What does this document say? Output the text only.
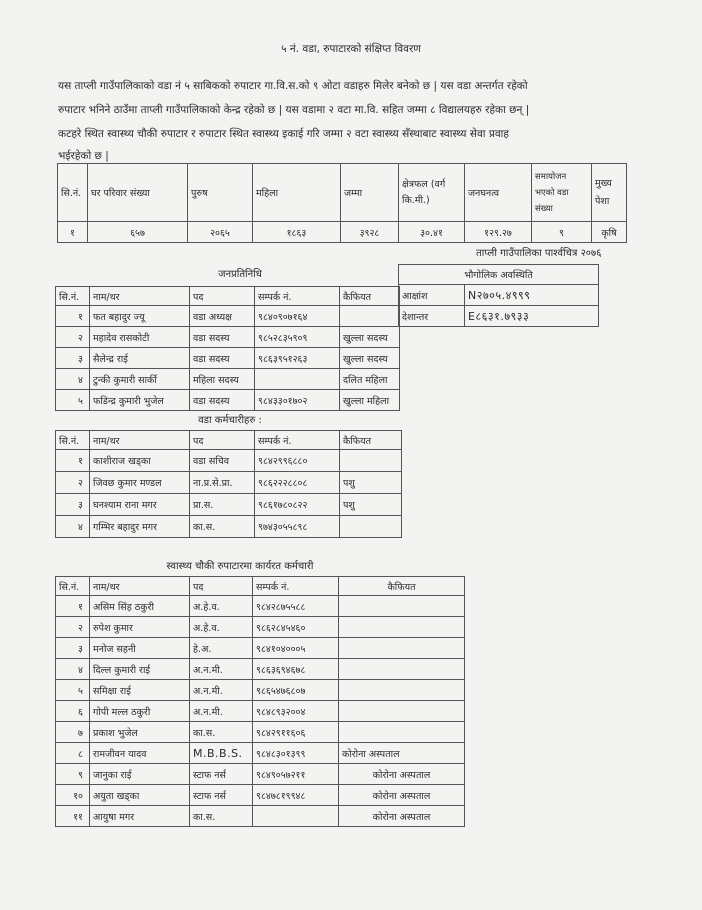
५ नं. वडा, रुपाटारको संक्षिप्त विवरण
यस ताप्ली गाउँपालिकाको वडा नं ५ साबिकको रुपाटार गा.वि.स.को ९ ओटा वडाहरु मिलेर बनेको छ | यस वडा अन्तर्गत रहेको
रुपाटार भनिने ठाउँमा ताप्ली गाउँपालिकाको केन्द्र रहेको छ | यस वडामा २ वटा मा.वि. सहित जम्मा ८ विद्यालयहरु रहेका छन् |
कटहरे स्थित स्वास्थ्य चौकी रुपाटार र रुपाटार स्थित स्वास्थ्य इकाई गरि जम्मा २ वटा स्वास्थ्य सँस्थाबाट स्वास्थ्य सेवा प्रवाह
भईरहेको छ |
सि.नं.	घर परिवार संख्या	पुरुष	महिला	जम्मा	क्षेत्रफल (वर्ग कि.मी.)	जनघनत्व	समायोजन भएको वडा संख्या	मुख्य पेशा
१	६५७	२०६५	१८६३	३९२८	३०.४१	१२९.२७	९	कृषि
ताप्ली गाउँपालिका पार्श्वचित्र २०७६
जनप्रतिनिधि
सि.नं.	नाम/थर	पद	सम्पर्क नं.	कैफियत
१	फत बहादुर ज्यू	वडा अध्यक्ष	९८४०९०७१६४	
२	महादेव रासकोटी	वडा सदस्य	९८५२८३५९०९	खुल्ला सदस्य
३	सैलेन्द्र राई	वडा सदस्य	९८६३९५१२६३	खुल्ला सदस्य
४	टुन्की कुमारी सार्की	महिला सदस्य		दलित महिला
५	फडिन्द्र कुमारी भुजेल	वडा सदस्य	९८४३३०१७०२	खुल्ला महिला
भौगोलिक अवस्थिति	
आक्षांश	N२७०५.४९९९
देशान्तर	E८६३१.७९३३
वडा कर्मचारीहरु :
सि.नं.	नाम/थर	पद	सम्पर्क नं.	कैफियत
१	काशीराज खड्का	वडा सचिव	९८४२९९६८८०	
२	जिवछ कुमार मण्डल	ना.प्र.से.प्रा.	९८६२२२८८०८	पशु
३	घनश्याम राना मगर	प्रा.स.	९८६१७८०८२२	पशु
४	गम्भिर बहादुर मगर	का.स.	९७४३०५५८९८	
स्वास्थ्य चौकी रुपाटारमा कार्यरत कर्मचारी
सि.नं.	नाम/थर	पद	सम्पर्क नं.	कैफियत
१	असिम सिंह ठकुरी	अ.हे.व.	९८४२८७५५८८	
२	रुपेश कुमार	अ.हे.व.	९८६२८४५४६०	
३	मनोज सहनी	हे.अ.	९८४१०४०००५	
४	दिल्ल कुमारी राई	अ.न.मी.	९८६३६९४६७८	
५	समिक्षा राई	अ.न.मी.	९८६५४७६८०७	
६	गोपी मल्ल ठकुरी	अ.न.मी.	९८४८९३२००४	
७	प्रकाश भुजेल	का.स.	९८४२९११६०६	
८	रामजीवन यादव	M.B.B.S.	९८४८३०१३९९	कोरोना अस्पताल
९	जानुका राई	स्टाफ नर्स	९८४९०५७२११	कोरोना अस्पताल
१०	अयुता खड्का	स्टाफ नर्स	९८४७८१९९४८	कोरोना अस्पताल
११	आयुषा मगर	का.स.		कोरोना अस्पताल
